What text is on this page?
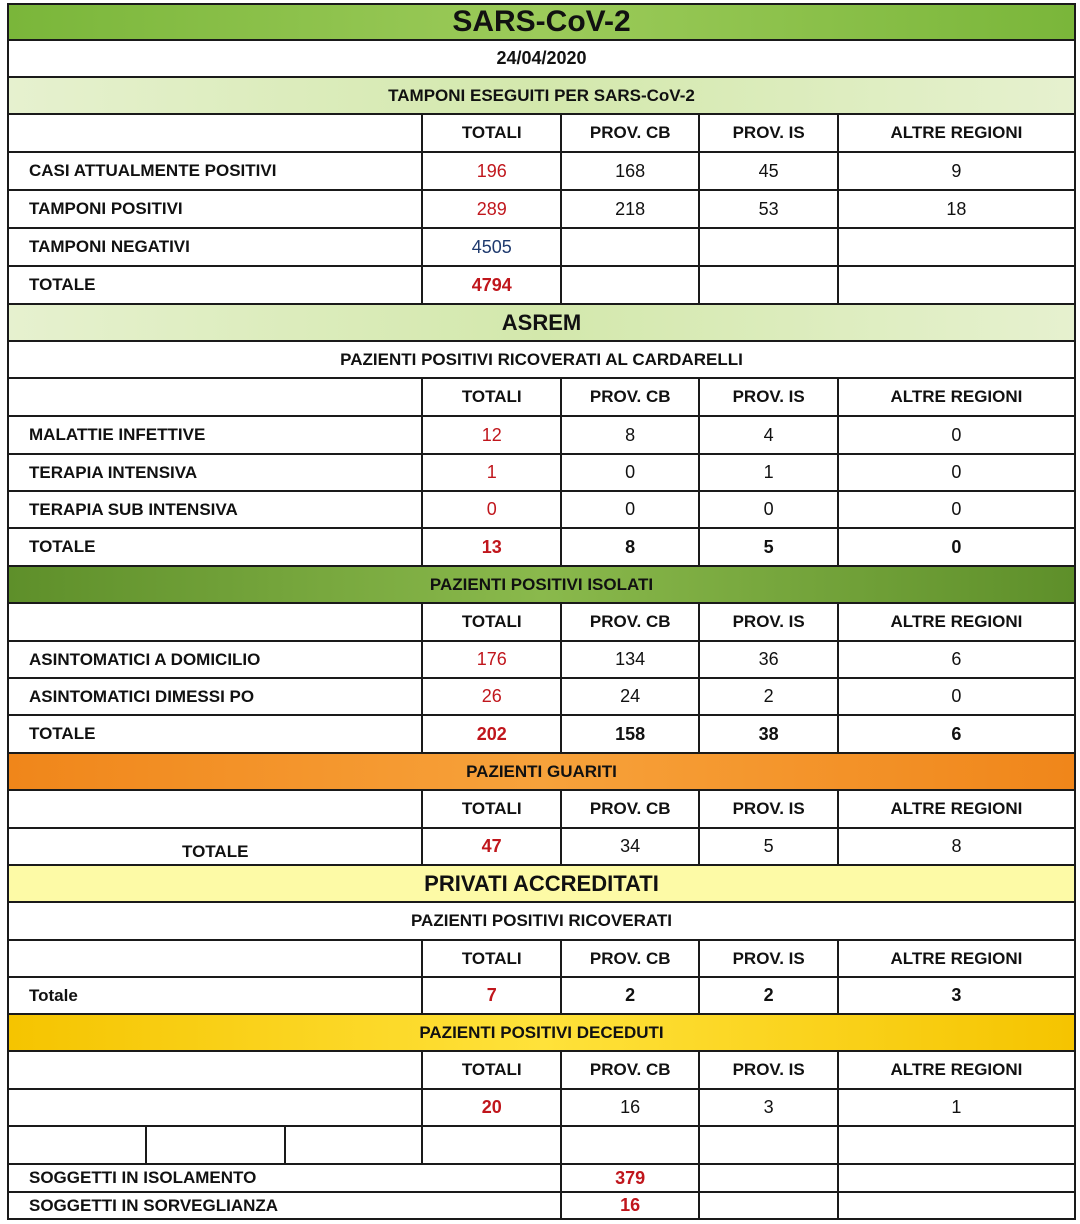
SARS-CoV-2
24/04/2020
TAMPONI ESEGUITI PER SARS-CoV-2
TOTALI	PROV. CB	PROV. IS	ALTRE REGIONI
CASI ATTUALMENTE POSITIVI	196	168	45	9
TAMPONI POSITIVI	289	218	53	18
TAMPONI NEGATIVI	4505
TOTALE	4794
ASREM
PAZIENTI POSITIVI RICOVERATI AL CARDARELLI
TOTALI	PROV. CB	PROV. IS	ALTRE REGIONI
MALATTIE INFETTIVE	12	8	4	0
TERAPIA INTENSIVA	1	0	1	0
TERAPIA SUB INTENSIVA	0	0	0	0
TOTALE	13	8	5	0
PAZIENTI POSITIVI ISOLATI
TOTALI	PROV. CB	PROV. IS	ALTRE REGIONI
ASINTOMATICI A DOMICILIO	176	134	36	6
ASINTOMATICI DIMESSI PO	26	24	2	0
TOTALE	202	158	38	6
PAZIENTI GUARITI
TOTALI	PROV. CB	PROV. IS	ALTRE REGIONI
TOTALE	47	34	5	8
PRIVATI ACCREDITATI
PAZIENTI POSITIVI RICOVERATI
TOTALI	PROV. CB	PROV. IS	ALTRE REGIONI
Totale	7	2	2	3
PAZIENTI POSITIVI DECEDUTI
TOTALI	PROV. CB	PROV. IS	ALTRE REGIONI
20	16	3	1
SOGGETTI IN ISOLAMENTO	379
SOGGETTI IN SORVEGLIANZA	16
